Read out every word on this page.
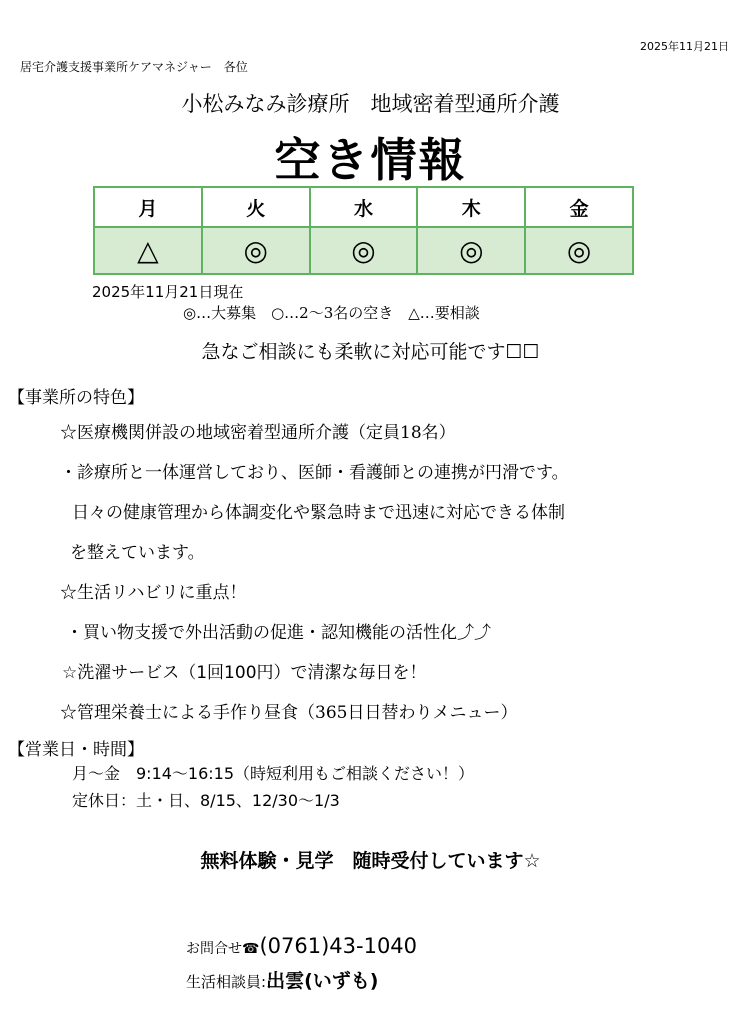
2025年11月21日
居宅介護支援事業所ケアマネジャー　各位
小松みなみ診療所　地域密着型通所介護
空き情報
月	火	水	木	金
△	◎	◎	◎	◎
2025年11月21日現在
◎…大募集　○…2～3名の空き　△…要相談
急なご相談にも柔軟に対応可能です☐☐
【事業所の特色】
☆医療機関併設の地域密着型通所介護（定員18名）
・診療所と一体運営しており、医師・看護師との連携が円滑です。
日々の健康管理から体調変化や緊急時まで迅速に対応できる体制
を整えています。
☆生活リハビリに重点！
・買い物支援で外出活動の促進・認知機能の活性化⤴⤴
☆洗濯サービス（1回100円）で清潔な毎日を！
☆管理栄養士による手作り昼食（365日日替わりメニュー）
【営業日・時間】
月～金　9:14～16:15（時短利用もご相談ください！）
定休日：土・日、8/15、12/30～1/3
無料体験・見学　随時受付しています☆
お問合せ☎(0761)43-1040
生活相談員:出雲(いずも)
